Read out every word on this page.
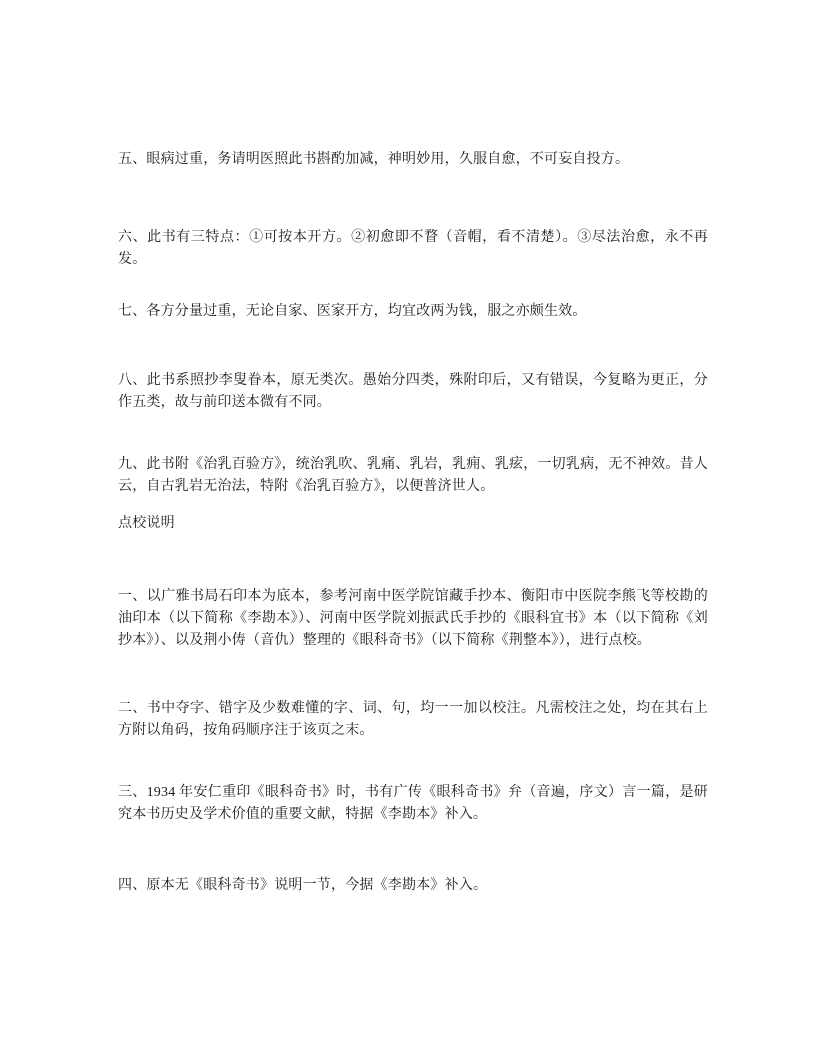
五、眼病过重，务请明医照此书斟酌加减，神明妙用，久服自愈，不可妄自投方。

六、此书有三特点：①可按本开方。②初愈即不瞀（音帽，看不清楚）。③尽法治愈，永不再发。

七、各方分量过重，无论自家、医家开方，均宜改两为钱，服之亦颇生效。

八、此书系照抄李叟眷本，原无类次。愚始分四类，殊附印后，又有错误，今复略为更正，分作五类，故与前印送本微有不同。

九、此书附《治乳百验方》，统治乳吹、乳痛、乳岩，乳痈、乳痃，一切乳病，无不神效。昔人云，自古乳岩无治法，特附《治乳百验方》，以便普济世人。

点校说明

一、以广雅书局石印本为底本，参考河南中医学院馆藏手抄本、衡阳市中医院李熊飞等校勘的油印本（以下简称《李勘本》）、河南中医学院刘振武氏手抄的《眼科宜书》本（以下简称《刘抄本》）、以及荆小俦（音仇）整理的《眼科奇书》（以下简称《荆整本》），进行点校。

二、书中夺字、错字及少数难懂的字、词、句，均一一加以校注。凡需校注之处，均在其右上方附以角码，按角码顺序注于该页之末。

三、1934 年安仁重印《眼科奇书》时，书有广传《眼科奇书》弁（音遍，序文）言一篇，是研究本书历史及学术价值的重要文献，特据《李勘本》补入。

四、原本无《眼科奇书》说明一节，今据《李勘本》补入。
